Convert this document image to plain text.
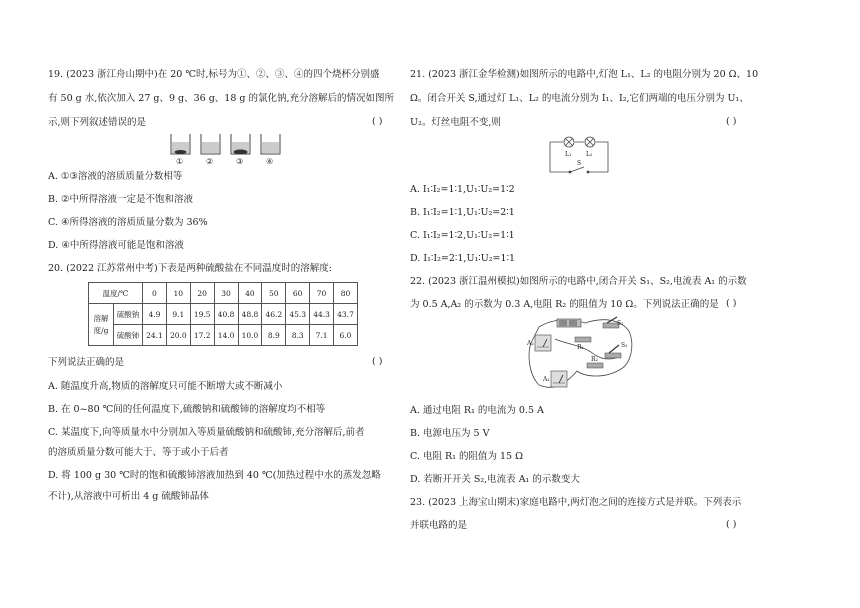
19. (2023 浙江舟山期中)在 20 ℃时,标号为①、②、③、④的四个烧杯分别盛
有 50 g 水,依次加入 27 g、9 g、36 g、18 g 的氯化钠,充分溶解后的情况如图所
示,则下列叙述错误的是	( )
①	②	③	④
A. ①③溶液的溶质质量分数相等
B. ②中所得溶液一定是不饱和溶液
C. ④所得溶液的溶质质量分数为 36%
D. ④中所得溶液可能是饱和溶液
20. (2022 江苏常州中考)下表是两种硫酸盐在不同温度时的溶解度:
温度/℃		0	10	20	30	40	50	60	70	80
溶解
度/g	硫酸钠	4.9	9.1	19.5	40.8	48.8	46.2	45.3	44.3	43.7
	硫酸铈	24.1	20.0	17.2	14.0	10.0	8.9	8.3	7.1	6.0
下列说法正确的是	( )
A. 随温度升高,物质的溶解度只可能不断增大或不断减小
B. 在 0~80 ℃间的任何温度下,硫酸钠和硫酸铈的溶解度均不相等
C. 某温度下,向等质量水中分别加入等质量硫酸钠和硫酸铈,充分溶解后,前者
的溶质质量分数可能大于、等于或小于后者
D. 将 100 g 30 ℃时的饱和硫酸铈溶液加热到 40 ℃(加热过程中水的蒸发忽略
不计),从溶液中可析出 4 g 硫酸铈晶体
21. (2023 浙江金华检测)如图所示的电路中,灯泡 L₁、L₂ 的电阻分别为 20 Ω、10
Ω。闭合开关 S,通过灯 L₁、L₂ 的电流分别为 I₁、I₂,它们两端的电压分别为 U₁、
U₂。灯丝电阻不变,则	( )
L₁ L₂
S
A. I₁∶I₂=1∶1,U₁∶U₂=1∶2
B. I₁∶I₂=1∶1,U₁∶U₂=2∶1
C. I₁∶I₂=1∶2,U₁∶U₂=1∶1
D. I₁∶I₂=2∶1,U₁∶U₂=1∶1
22. (2023 浙江温州模拟)如图所示的电路中,闭合开关 S₁、S₂,电流表 A₁ 的示数
为 0.5 A,A₂ 的示数为 0.3 A,电阻 R₂ 的阻值为 10 Ω。下列说法正确的是 ( )
S₁
R₁	S₂
R₂
A₂
A₁
A. 通过电阻 R₁ 的电流为 0.5 A
B. 电源电压为 5 V
C. 电阻 R₁ 的阻值为 15 Ω
D. 若断开开关 S₂,电流表 A₁ 的示数变大
23. (2023 上海宝山期末)家庭电路中,两灯泡之间的连接方式是并联。下列表示
并联电路的是	( )
